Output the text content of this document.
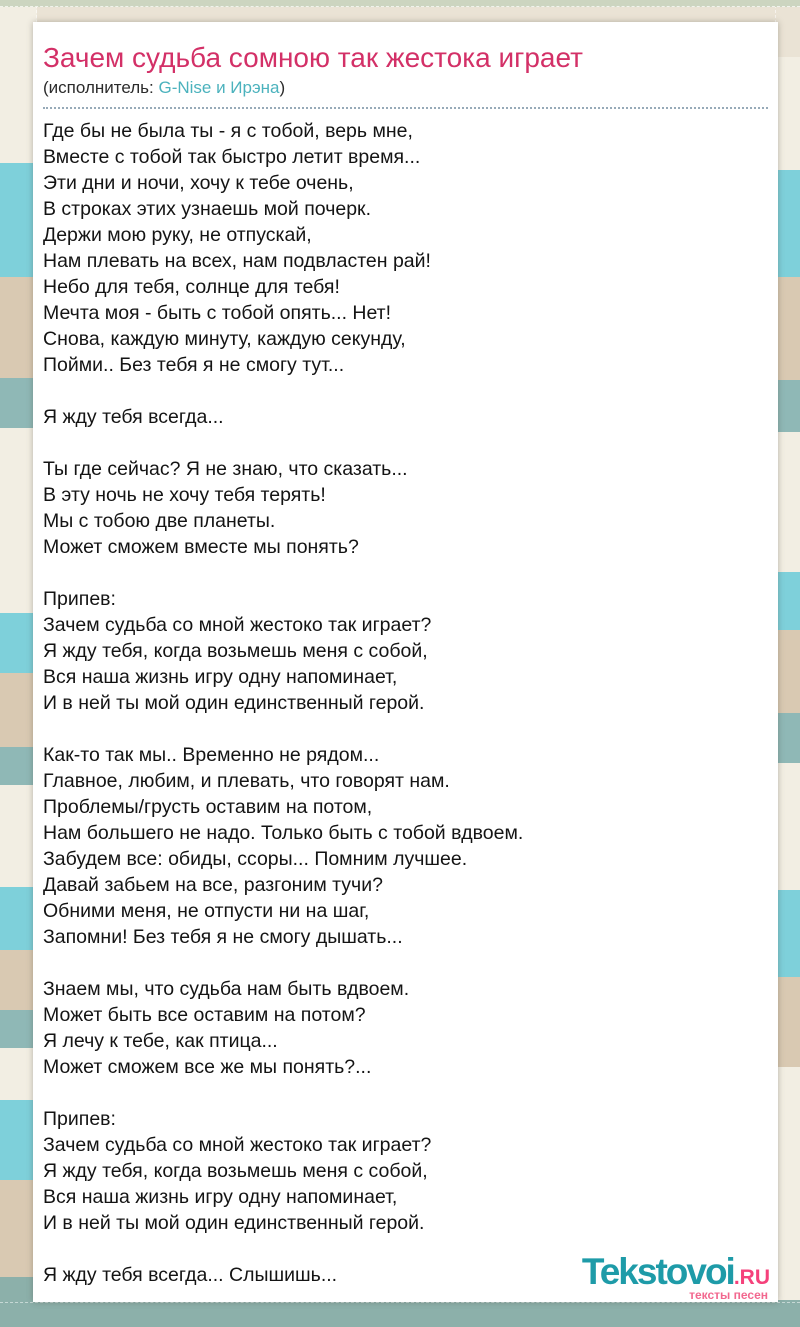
Зачем судьба сомною так жестока играет
(исполнитель: G-Nise и Ирэна)

Где бы не была ты - я с тобой, верь мне,
Вместе с тобой так быстро летит время...
Эти дни и ночи, хочу к тебе очень,
В строках этих узнаешь мой почерк.
Держи мою руку, не отпускай,
Нам плевать на всех, нам подвластен рай!
Небо для тебя, солнце для тебя!
Мечта моя - быть с тобой опять... Нет!
Снова, каждую минуту, каждую секунду,
Пойми.. Без тебя я не смогу тут...

Я жду тебя всегда...

Ты где сейчас? Я не знаю, что сказать...
В эту ночь не хочу тебя терять!
Мы с тобою две планеты.
Может сможем вместе мы понять?

Припев:
Зачем судьба со мной жестоко так играет?
Я жду тебя, когда возьмешь меня с собой,
Вся наша жизнь игру одну напоминает,
И в ней ты мой один единственный герой.

Как-то так мы.. Временно не рядом...
Главное, любим, и плевать, что говорят нам.
Проблемы/грусть оставим на потом,
Нам большего не надо. Только быть с тобой вдвоем.
Забудем все: обиды, ссоры... Помним лучшее.
Давай забьем на все, разгоним тучи?
Обними меня, не отпусти ни на шаг,
Запомни! Без тебя я не смогу дышать...

Знаем мы, что судьба нам быть вдвоем.
Может быть все оставим на потом?
Я лечу к тебе, как птица...
Может сможем все же мы понять?...

Припев:
Зачем судьба со мной жестоко так играет?
Я жду тебя, когда возьмешь меня с собой,
Вся наша жизнь игру одну напоминает,
И в ней ты мой один единственный герой.

Я жду тебя всегда... Слышишь...	Tekstovoi.RU
тексты песен
